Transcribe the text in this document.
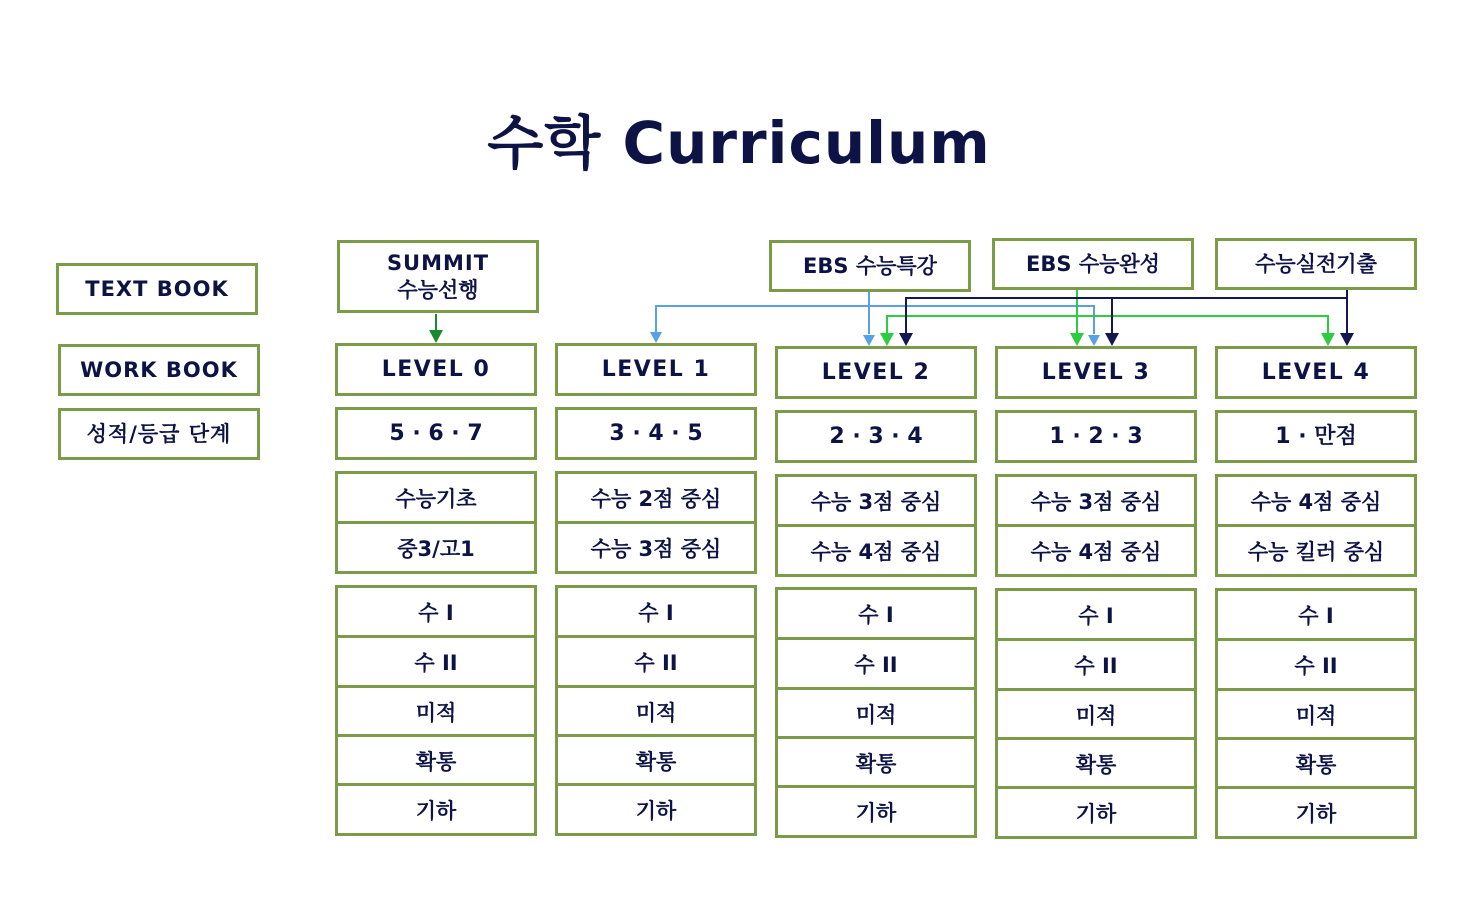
수학 Curriculum
TEXT BOOK
WORK BOOK
성적/등급 단계
SUMMIT
수능선행
EBS 수능특강	EBS 수능완성	수능실전기출
LEVEL 0
5 · 6 · 7
수능기초
중3/고1
수 I
수 II
미적
확통
기하
LEVEL 1
3 · 4 · 5
수능 2점 중심
수능 3점 중심
수 I
수 II
미적
확통
기하
LEVEL 2
2 · 3 · 4
수능 3점 중심
수능 4점 중심
수 I
수 II
미적
확통
기하
LEVEL 3
1 · 2 · 3
수능 3점 중심
수능 4점 중심
수 I
수 II
미적
확통
기하
LEVEL 4
1 · 만점
수능 4점 중심
수능 킬러 중심
수 I
수 II
미적
확통
기하
